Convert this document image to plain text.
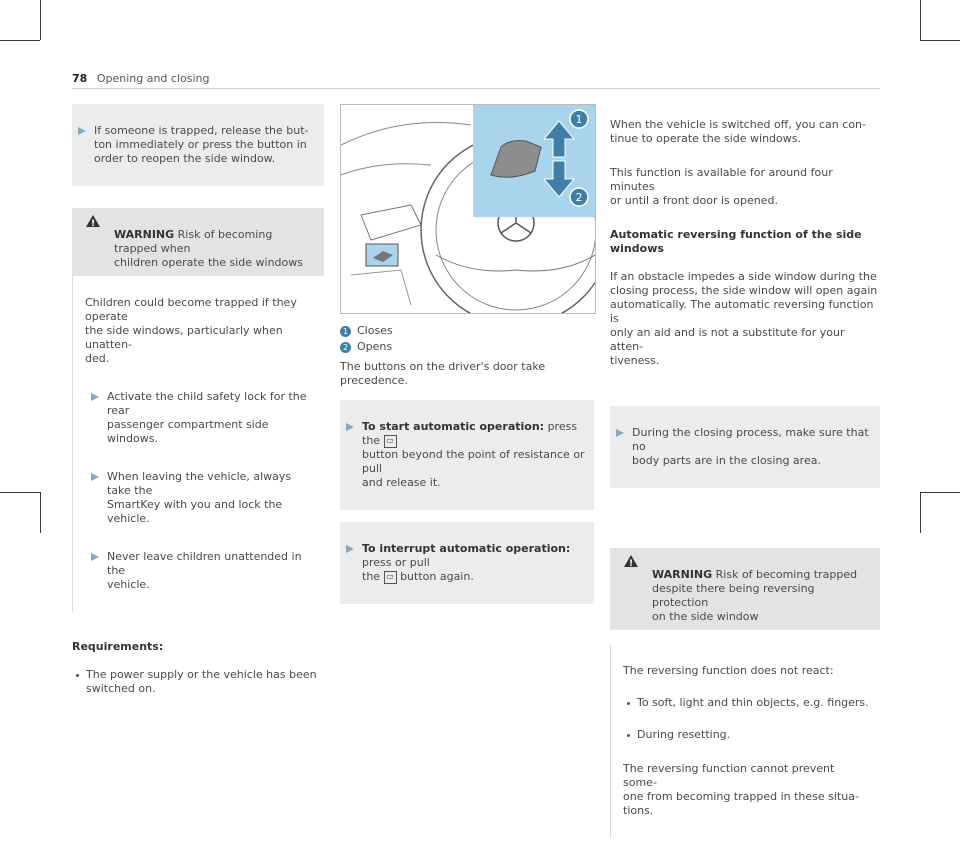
78 Opening and closing

If someone is trapped, release the but-
ton immediately or press the button in
order to reopen the side window.

!
WARNING Risk of becoming trapped when
children operate the side windows

Children could become trapped if they operate
the side windows, particularly when unatten-
ded.

Activate the child safety lock for the rear
passenger compartment side windows.

When leaving the vehicle, always take the
SmartKey with you and lock the vehicle.

Never leave children unattended in the
vehicle.

Requirements:

The power supply or the vehicle has been
switched on.

1
2
1 Closes
2 Opens
The buttons on the driver's door take precedence.

To start automatic operation: press the ▭
button beyond the point of resistance or pull
and release it.

To interrupt automatic operation: press or pull
the ▭ button again.

When the vehicle is switched off, you can con-
tinue to operate the side windows.

This function is available for around four minutes
or until a front door is opened.

Automatic reversing function of the side windows

If an obstacle impedes a side window during the
closing process, the side window will open again
automatically. The automatic reversing function is
only an aid and is not a substitute for your atten-
tiveness.

During the closing process, make sure that no
body parts are in the closing area.

!
WARNING Risk of becoming trapped
despite there being reversing protection
on the side window

The reversing function does not react:

To soft, light and thin objects, e.g. fingers.

During resetting.

The reversing function cannot prevent some-
one from becoming trapped in these situa-
tions.
